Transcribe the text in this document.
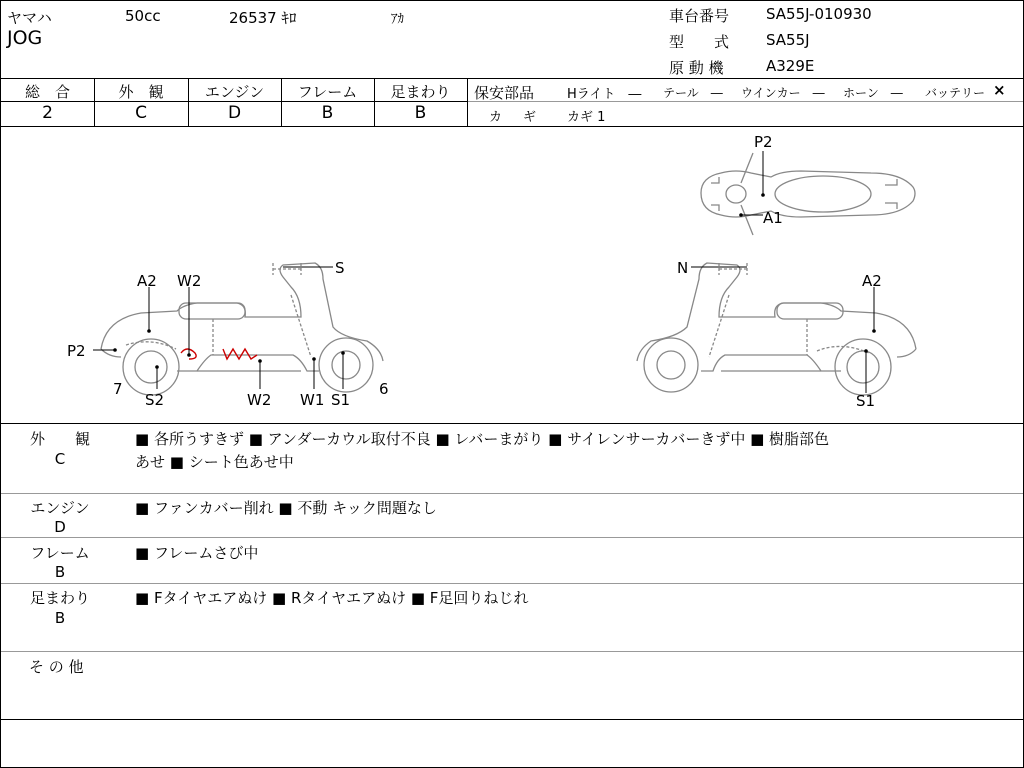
ヤマハ	50cc	26537 ｷﾛ	ｱｶ
JOG
車台番号 SA55J-010930
型　　式 SA55J
原 動 機	A329E
総　合	外　観	エンジン	フレーム	足まわり
2	C	D	B	B
保安部品	Hライト　― テール　― ウインカー　― ホーン　― バッテリー ×
カ　ギ カギ 1
A2 W2
S
P2
7
S2	W2 W1 S1
6
N
A2
S1
P2
A1
外　　観
C
■ 各所うすきず ■ アンダーカウル取付不良 ■ レバーまがり ■ サイレンサーカバーきず中 ■ 樹脂部色
あせ ■ シート色あせ中
エンジン
D
■ ファンカバー削れ ■ 不動 キック問題なし
フレーム
B
■ フレームさび中
足まわり
B
■ Fタイヤエアぬけ ■ Rタイヤエアぬけ ■ F足回りねじれ
そ の 他
